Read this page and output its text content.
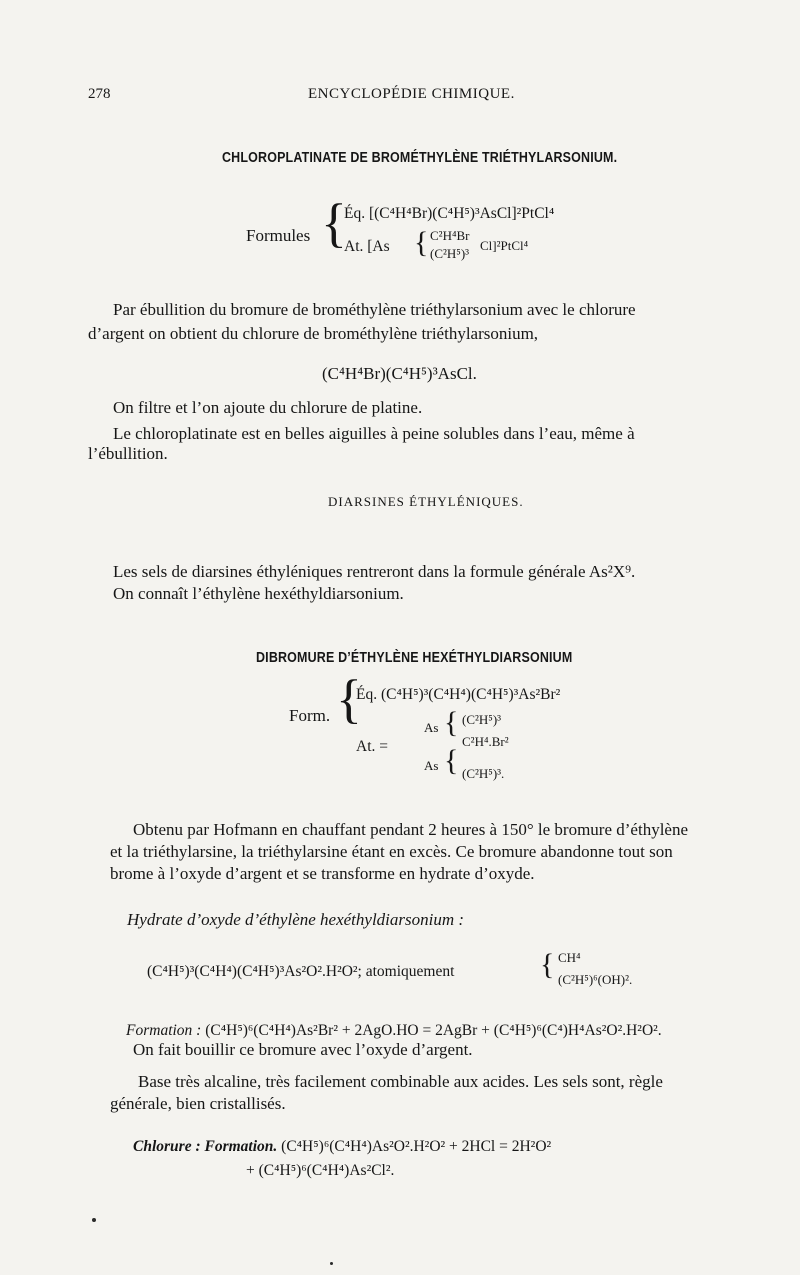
278	ENCYCLOPÉDIE CHIMIQUE.
CHLOROPLATINATE DE BROMÉTHYLÈNE TRIÉTHYLARSONIUM.
Formules {
Éq. [(C⁴H⁴Br)(C⁴H⁵)³AsCl]²PtCl⁴
At. [As { C²H⁴Br
(C²H⁵)³
Cl]²PtCl⁴
Par ébullition du bromure de brométhylène triéthylarsonium avec le chlorure
d’argent on obtient du chlorure de brométhylène triéthylarsonium,
(C⁴H⁴Br)(C⁴H⁵)³AsCl.
On filtre et l’on ajoute du chlorure de platine.
Le chloroplatinate est en belles aiguilles à peine solubles dans l’eau, même à
l’ébullition.
DIARSINES ÉTHYLÉNIQUES.
Les sels de diarsines éthyléniques rentreront dans la formule générale As²X⁹.
On connaît l’éthylène hexéthyldiarsonium.
DIBROMURE D’ÉTHYLÈNE HEXÉTHYLDIARSONIUM
Form. {
Éq. (C⁴H⁵)³(C⁴H⁴)(C⁴H⁵)³As²Br²
At. =
As
As
{
{
(C²H⁵)³
C²H⁴.Br²
(C²H⁵)³.
Obtenu par Hofmann en chauffant pendant 2 heures à 150° le bromure d’éthylène
et la triéthylarsine, la triéthylarsine étant en excès. Ce bromure abandonne tout son
brome à l’oxyde d’argent et se transforme en hydrate d’oxyde.
Hydrate d’oxyde d’éthylène hexéthyldiarsonium :
(C⁴H⁵)³(C⁴H⁴)(C⁴H⁵)³As²O².H²O²; atomiquement	{ CH⁴
(C²H⁵)⁶(OH)².
Formation : (C⁴H⁵)⁶(C⁴H⁴)As²Br² + 2AgO.HO = 2AgBr + (C⁴H⁵)⁶(C⁴)H⁴As²O².H²O².
On fait bouillir ce bromure avec l’oxyde d’argent.
Base très alcaline, très facilement combinable aux acides. Les sels sont, règle
générale, bien cristallisés.
Chlorure : Formation. (C⁴H⁵)⁶(C⁴H⁴)As²O².H²O² + 2HCl = 2H²O²
+ (C⁴H⁵)⁶(C⁴H⁴)As²Cl².
